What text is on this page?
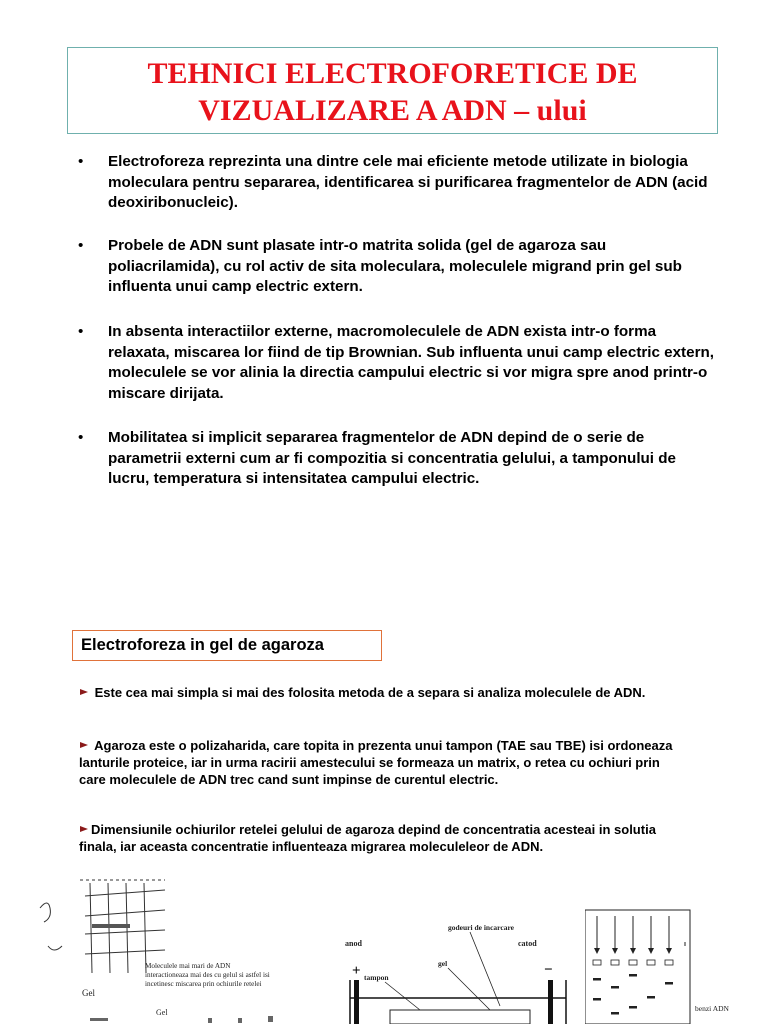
TEHNICI ELECTROFORETICE DE
VIZUALIZARE A ADN – ului
• Electroforeza reprezinta una dintre cele mai eficiente metode utilizate in biologia moleculara pentru separarea, identificarea si purificarea fragmentelor de ADN (acid deoxiribonucleic).
• Probele de ADN sunt plasate intr-o matrita solida (gel de agaroza sau poliacrilamida), cu rol activ de sita moleculara, moleculele migrand prin gel sub influenta unui camp electric extern.
• In absenta interactiilor externe, macromoleculele de ADN exista intr-o forma relaxata, miscarea lor fiind de tip Brownian. Sub influenta unui camp electric extern, moleculele se vor alinia la directia campului electric si vor migra spre anod printr-o miscare dirijata.
• Mobilitatea si implicit separarea fragmentelor de ADN depind de o serie de parametrii externi cum ar fi compozitia si concentratia gelului, a tamponului de lucru, temperatura si intensitatea campului electric.
Electroforeza in gel de agaroza
Este cea mai simpla si mai des folosita metoda de a separa si analiza moleculele de ADN.
Agaroza este o polizaharida, care topita in prezenta unui tampon (TAE sau TBE) isi ordoneaza lanturile proteice, iar in urma racirii amestecului se formeaza un matrix, o retea cu ochiuri prin care moleculele de ADN trec cand sunt impinse de curentul electric.
Dimensiunile ochiurilor retelei gelului de agaroza depind de concentratia acesteai in solutia finala, iar aceasta concentratie influenteaza migrarea moleculeleor de ADN.
Gel
Gel
Moleculele mai mari de ADN interactioneaza mai des cu gelul si astfel isi incetinesc miscarea prin ochiurile retelei
anod	catod
godeuri de incarcare
gel
tampon
+	−
benzi ADN
